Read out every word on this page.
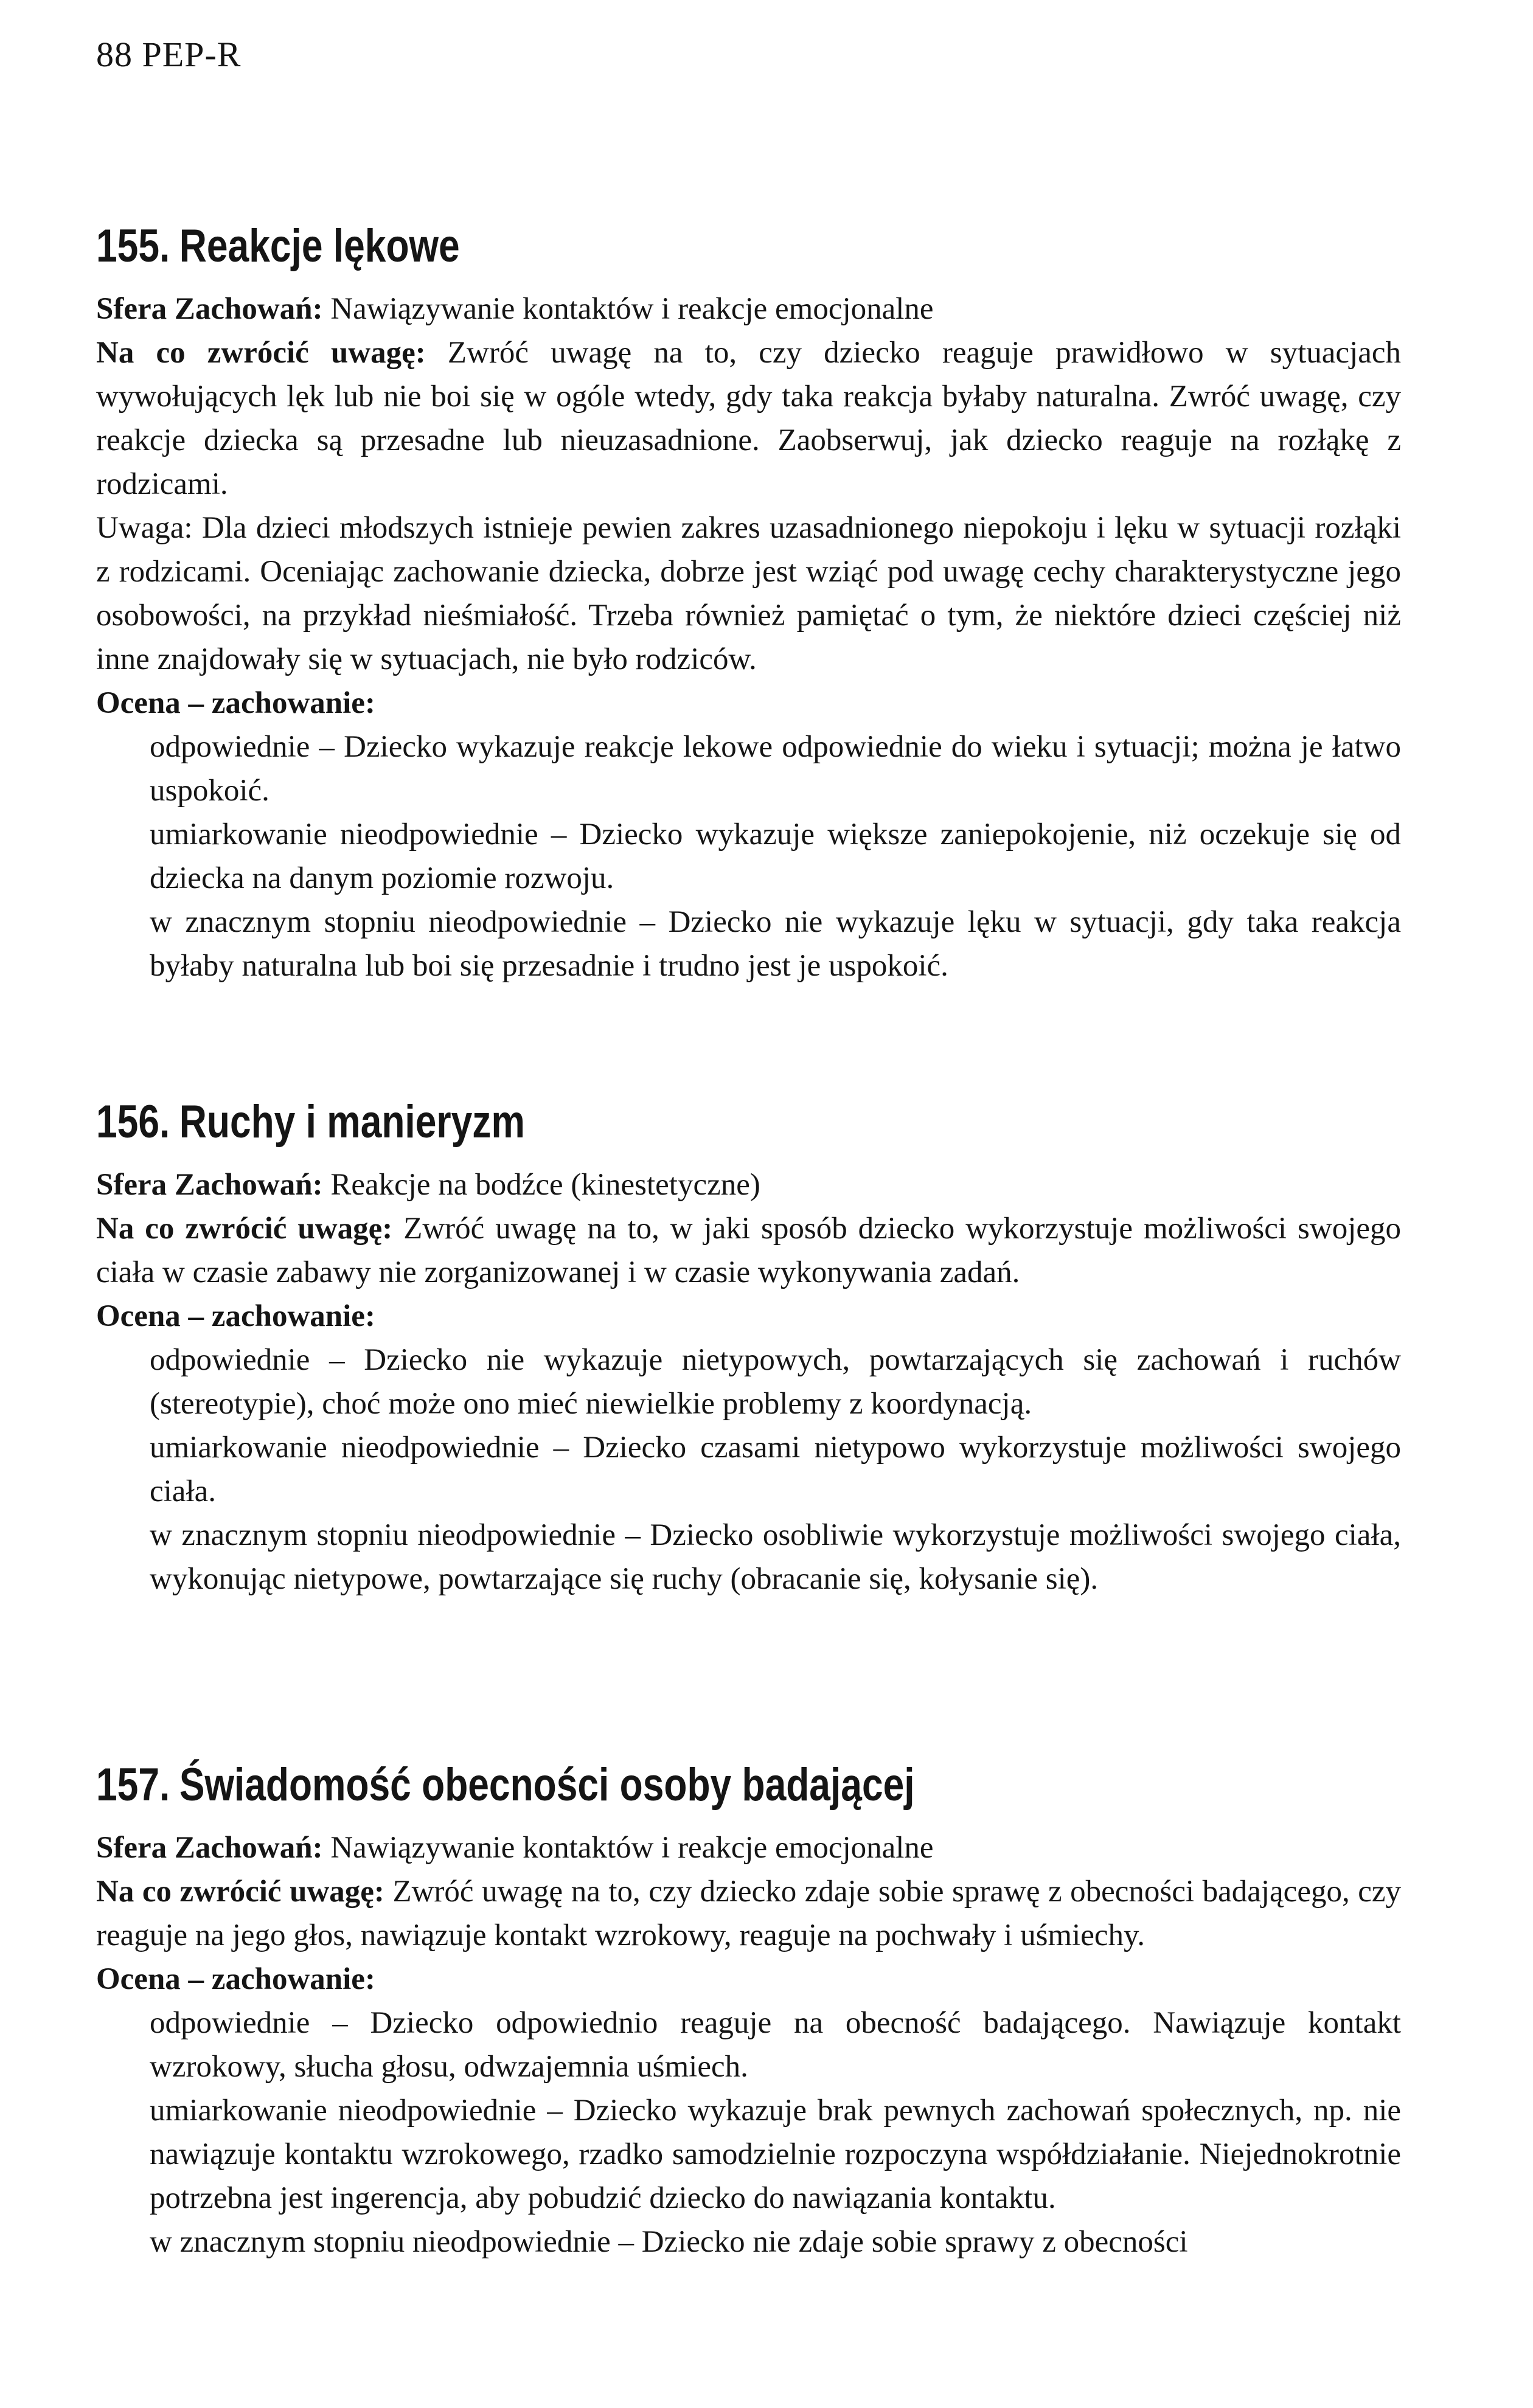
88 PEP-R
155. Reakcje lękowe

Sfera Zachowań: Nawiązywanie kontaktów i reakcje emocjonalne

Na co zwrócić uwagę: Zwróć uwagę na to, czy dziecko reaguje prawidłowo w sytuacjach wywołujących lęk lub nie boi się w ogóle wtedy, gdy taka reakcja byłaby naturalna. Zwróć uwagę, czy reakcje dziecka są przesadne lub nieuzasadnione. Zaobserwuj, jak dziecko reaguje na rozłąkę z rodzicami.

Uwaga: Dla dzieci młodszych istnieje pewien zakres uzasadnionego niepokoju i lęku w sytuacji rozłąki z rodzicami. Oceniając zachowanie dziecka, dobrze jest wziąć pod uwagę cechy charakterystyczne jego osobowości, na przykład nieśmiałość. Trzeba również pamiętać o tym, że niektóre dzieci częściej niż inne znajdowały się w sytuacjach, nie było rodziców.

Ocena – zachowanie:

odpowiednie – Dziecko wykazuje reakcje lekowe odpowiednie do wieku i sytuacji; można je łatwo uspokoić.

umiarkowanie nieodpowiednie – Dziecko wykazuje większe zaniepokojenie, niż oczekuje się od dziecka na danym poziomie rozwoju.

w znacznym stopniu nieodpowiednie – Dziecko nie wykazuje lęku w sytuacji, gdy taka reakcja byłaby naturalna lub boi się przesadnie i trudno jest je uspokoić.

156. Ruchy i manieryzm

Sfera Zachowań: Reakcje na bodźce (kinestetyczne)

Na co zwrócić uwagę: Zwróć uwagę na to, w jaki sposób dziecko wykorzystuje możliwości swojego ciała w czasie zabawy nie zorganizowanej i w czasie wykonywania zadań.

Ocena – zachowanie:

odpowiednie – Dziecko nie wykazuje nietypowych, powtarzających się zachowań i ruchów (stereotypie), choć może ono mieć niewielkie problemy z koordynacją.

umiarkowanie nieodpowiednie – Dziecko czasami nietypowo wykorzystuje możliwości swojego ciała.

w znacznym stopniu nieodpowiednie – Dziecko osobliwie wykorzystuje możliwości swojego ciała, wykonując nietypowe, powtarzające się ruchy (obracanie się, kołysanie się).

157. Świadomość obecności osoby badającej

Sfera Zachowań: Nawiązywanie kontaktów i reakcje emocjonalne

Na co zwrócić uwagę: Zwróć uwagę na to, czy dziecko zdaje sobie sprawę z obecności badającego, czy reaguje na jego głos, nawiązuje kontakt wzrokowy, reaguje na pochwały i uśmiechy.

Ocena – zachowanie:

odpowiednie – Dziecko odpowiednio reaguje na obecność badającego. Nawiązuje kontakt wzrokowy, słucha głosu, odwzajemnia uśmiech.

umiarkowanie nieodpowiednie – Dziecko wykazuje brak pewnych zachowań społecznych, np. nie nawiązuje kontaktu wzrokowego, rzadko samodzielnie rozpoczyna współdziałanie. Niejednokrotnie potrzebna jest ingerencja, aby pobudzić dziecko do nawiązania kontaktu.

w znacznym stopniu nieodpowiednie – Dziecko nie zdaje sobie sprawy z obecności
